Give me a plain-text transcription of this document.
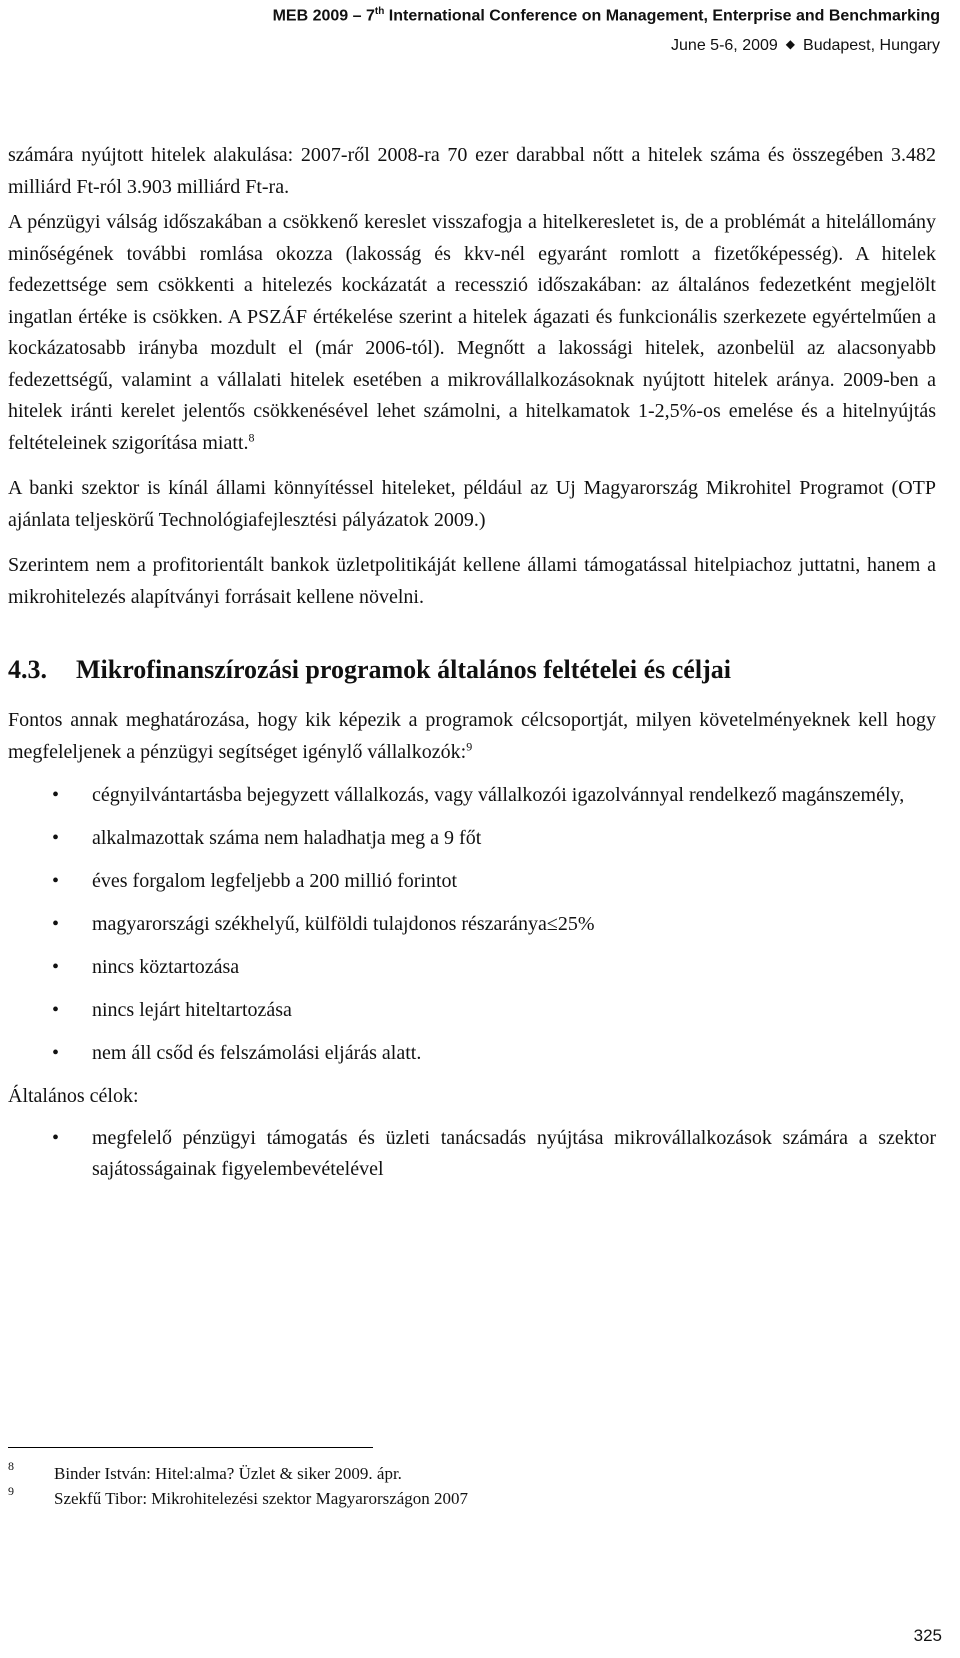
MEB 2009 – 7th International Conference on Management, Enterprise and Benchmarking
June 5-6, 2009 ◆ Budapest, Hungary

számára nyújtott hitelek alakulása: 2007-ről 2008-ra 70 ezer darabbal nőtt a hitelek száma és összegében 3.482 milliárd Ft-ról 3.903 milliárd Ft-ra.

A pénzügyi válság időszakában a csökkenő kereslet visszafogja a hitelkeresletet is, de a problémát a hitelállomány minőségének további romlása okozza (lakosság és kkv-nél egyaránt romlott a fizetőképesség). A hitelek fedezettsége sem csökkenti a hitelezés kockázatát a recesszió időszakában: az általános fedezetként megjelölt ingatlan értéke is csökken. A PSZÁF értékelése szerint a hitelek ágazati és funkcionális szerkezete egyértelműen a kockázatosabb irányba mozdult el (már 2006-tól). Megnőtt a lakossági hitelek, azonbelül az alacsonyabb fedezettségű, valamint a vállalati hitelek esetében a mikrovállalkozásoknak nyújtott hitelek aránya. 2009-ben a hitelek iránti kerelet jelentős csökkenésével lehet számolni, a hitelkamatok 1-2,5%-os emelése és a hitelnyújtás feltételeinek szigorítása miatt.$^8$

A banki szektor is kínál állami könnyítéssel hiteleket, például az Uj Magyarország Mikrohitel Programot (OTP ajánlata teljeskörű Technológiafejlesztési pályázatok 2009.)

Szerintem nem a profitorientált bankok üzletpolitikáját kellene állami támogatással hitelpiachoz juttatni, hanem a mikrohitelezés alapítványi forrásait kellene növelni.

4.3. Mikrofinanszírozási programok általános feltételei és céljai

Fontos annak meghatározása, hogy kik képezik a programok célcsoportját, milyen követelményeknek kell hogy megfeleljenek a pénzügyi segítséget igénylő vállalkozók:$^9$

• cégnyilvántartásba bejegyzett vállalkozás, vagy vállalkozói igazolvánnyal rendelkező magánszemély,
• alkalmazottak száma nem haladhatja meg a 9 főt
• éves forgalom legfeljebb a 200 millió forintot
• magyarországi székhelyű, külföldi tulajdonos részaránya≤25%
• nincs köztartozása
• nincs lejárt hiteltartozása
• nem áll csőd és felszámolási eljárás alatt.

Általános célok:

• megfelelő pénzügyi támogatás és üzleti tanácsadás nyújtása mikrovállalkozások számára a szektor sajátosságainak figyelembevételével
8 Binder István: Hitel:alma? Üzlet & siker 2009. ápr.
9 Szekfű Tibor: Mikrohitelezési szektor Magyarországon 2007
325
